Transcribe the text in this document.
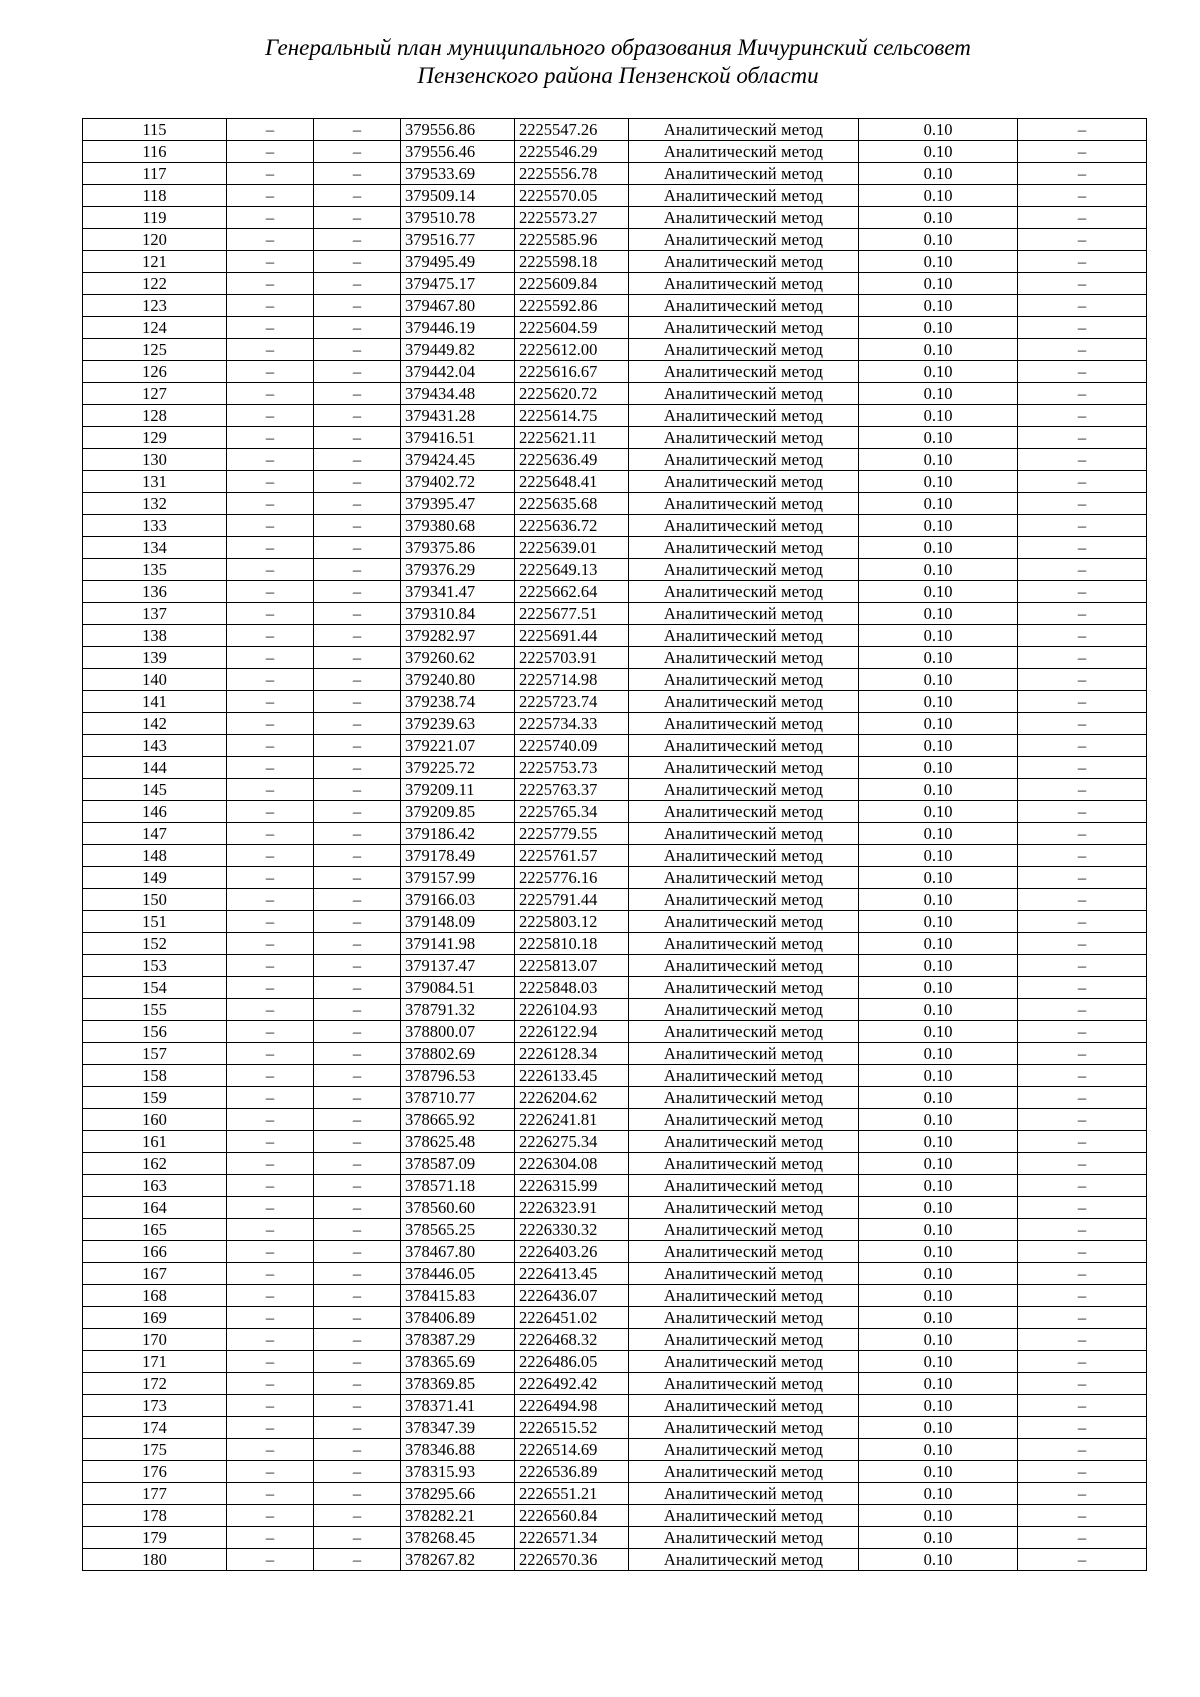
Генеральный план муниципального образования Мичуринский сельсовет
Пензенского района Пензенской области
115	–	–	379556.86	2225547.26	Аналитический метод	0.10	–
116	–	–	379556.46	2225546.29	Аналитический метод	0.10	–
117	–	–	379533.69	2225556.78	Аналитический метод	0.10	–
118	–	–	379509.14	2225570.05	Аналитический метод	0.10	–
119	–	–	379510.78	2225573.27	Аналитический метод	0.10	–
120	–	–	379516.77	2225585.96	Аналитический метод	0.10	–
121	–	–	379495.49	2225598.18	Аналитический метод	0.10	–
122	–	–	379475.17	2225609.84	Аналитический метод	0.10	–
123	–	–	379467.80	2225592.86	Аналитический метод	0.10	–
124	–	–	379446.19	2225604.59	Аналитический метод	0.10	–
125	–	–	379449.82	2225612.00	Аналитический метод	0.10	–
126	–	–	379442.04	2225616.67	Аналитический метод	0.10	–
127	–	–	379434.48	2225620.72	Аналитический метод	0.10	–
128	–	–	379431.28	2225614.75	Аналитический метод	0.10	–
129	–	–	379416.51	2225621.11	Аналитический метод	0.10	–
130	–	–	379424.45	2225636.49	Аналитический метод	0.10	–
131	–	–	379402.72	2225648.41	Аналитический метод	0.10	–
132	–	–	379395.47	2225635.68	Аналитический метод	0.10	–
133	–	–	379380.68	2225636.72	Аналитический метод	0.10	–
134	–	–	379375.86	2225639.01	Аналитический метод	0.10	–
135	–	–	379376.29	2225649.13	Аналитический метод	0.10	–
136	–	–	379341.47	2225662.64	Аналитический метод	0.10	–
137	–	–	379310.84	2225677.51	Аналитический метод	0.10	–
138	–	–	379282.97	2225691.44	Аналитический метод	0.10	–
139	–	–	379260.62	2225703.91	Аналитический метод	0.10	–
140	–	–	379240.80	2225714.98	Аналитический метод	0.10	–
141	–	–	379238.74	2225723.74	Аналитический метод	0.10	–
142	–	–	379239.63	2225734.33	Аналитический метод	0.10	–
143	–	–	379221.07	2225740.09	Аналитический метод	0.10	–
144	–	–	379225.72	2225753.73	Аналитический метод	0.10	–
145	–	–	379209.11	2225763.37	Аналитический метод	0.10	–
146	–	–	379209.85	2225765.34	Аналитический метод	0.10	–
147	–	–	379186.42	2225779.55	Аналитический метод	0.10	–
148	–	–	379178.49	2225761.57	Аналитический метод	0.10	–
149	–	–	379157.99	2225776.16	Аналитический метод	0.10	–
150	–	–	379166.03	2225791.44	Аналитический метод	0.10	–
151	–	–	379148.09	2225803.12	Аналитический метод	0.10	–
152	–	–	379141.98	2225810.18	Аналитический метод	0.10	–
153	–	–	379137.47	2225813.07	Аналитический метод	0.10	–
154	–	–	379084.51	2225848.03	Аналитический метод	0.10	–
155	–	–	378791.32	2226104.93	Аналитический метод	0.10	–
156	–	–	378800.07	2226122.94	Аналитический метод	0.10	–
157	–	–	378802.69	2226128.34	Аналитический метод	0.10	–
158	–	–	378796.53	2226133.45	Аналитический метод	0.10	–
159	–	–	378710.77	2226204.62	Аналитический метод	0.10	–
160	–	–	378665.92	2226241.81	Аналитический метод	0.10	–
161	–	–	378625.48	2226275.34	Аналитический метод	0.10	–
162	–	–	378587.09	2226304.08	Аналитический метод	0.10	–
163	–	–	378571.18	2226315.99	Аналитический метод	0.10	–
164	–	–	378560.60	2226323.91	Аналитический метод	0.10	–
165	–	–	378565.25	2226330.32	Аналитический метод	0.10	–
166	–	–	378467.80	2226403.26	Аналитический метод	0.10	–
167	–	–	378446.05	2226413.45	Аналитический метод	0.10	–
168	–	–	378415.83	2226436.07	Аналитический метод	0.10	–
169	–	–	378406.89	2226451.02	Аналитический метод	0.10	–
170	–	–	378387.29	2226468.32	Аналитический метод	0.10	–
171	–	–	378365.69	2226486.05	Аналитический метод	0.10	–
172	–	–	378369.85	2226492.42	Аналитический метод	0.10	–
173	–	–	378371.41	2226494.98	Аналитический метод	0.10	–
174	–	–	378347.39	2226515.52	Аналитический метод	0.10	–
175	–	–	378346.88	2226514.69	Аналитический метод	0.10	–
176	–	–	378315.93	2226536.89	Аналитический метод	0.10	–
177	–	–	378295.66	2226551.21	Аналитический метод	0.10	–
178	–	–	378282.21	2226560.84	Аналитический метод	0.10	–
179	–	–	378268.45	2226571.34	Аналитический метод	0.10	–
180	–	–	378267.82	2226570.36	Аналитический метод	0.10	–
